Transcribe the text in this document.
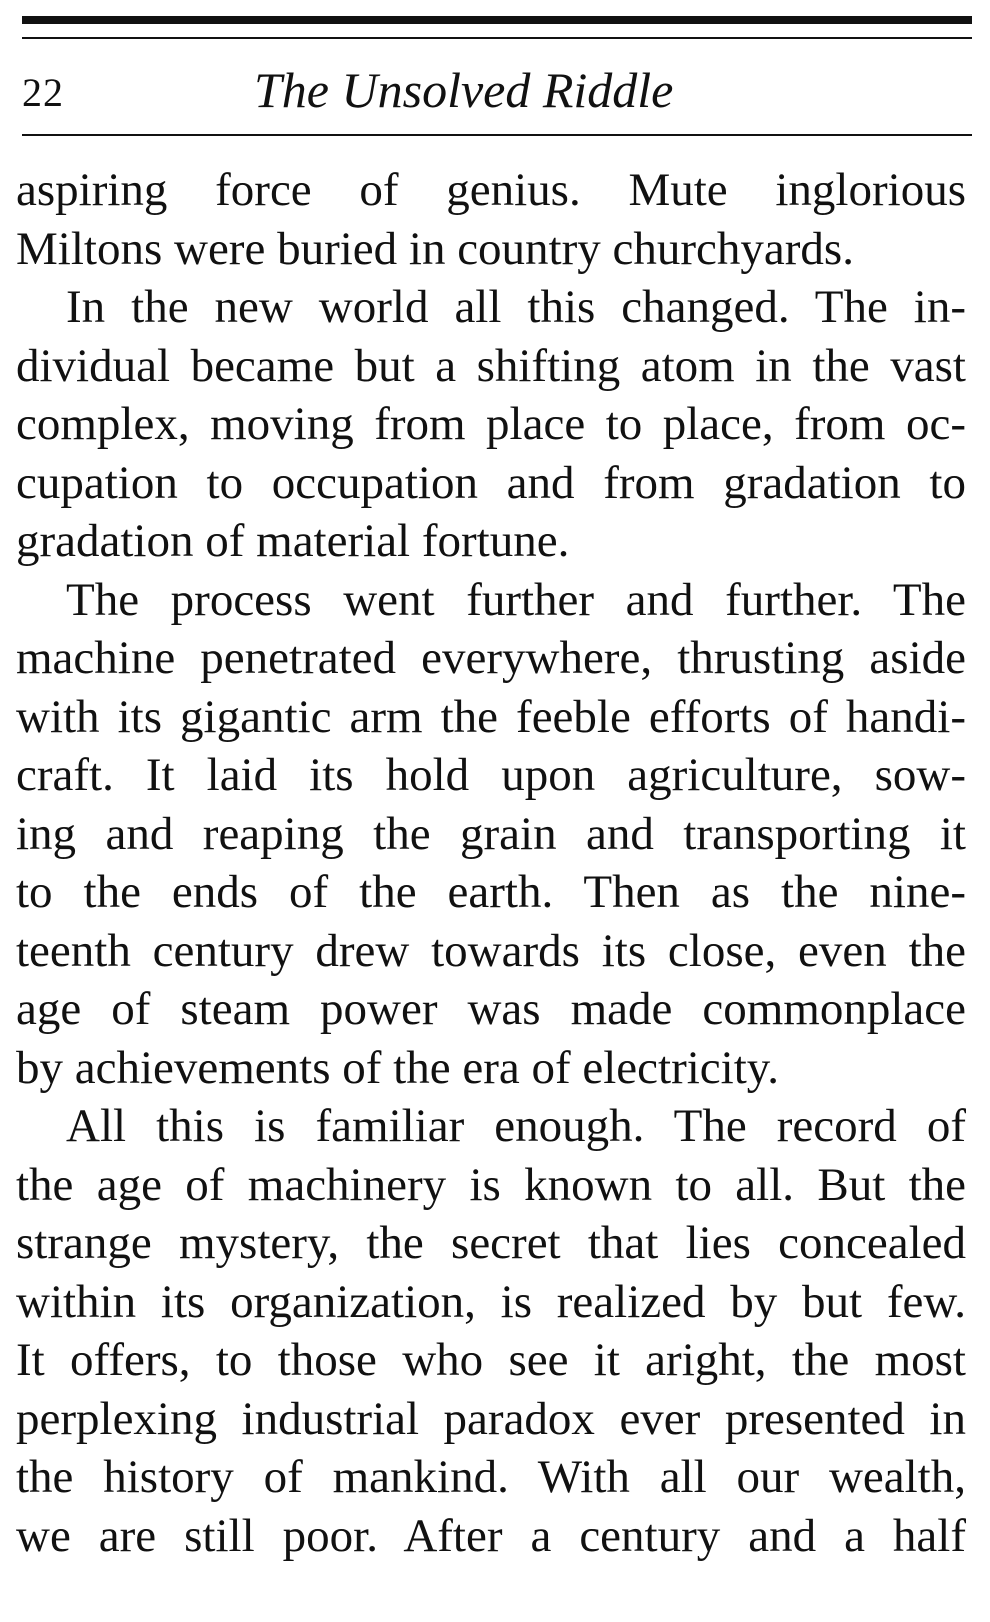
22	The Unsolved Riddle
aspiring force of genius. Mute inglorious
Miltons were buried in country churchyards.
In the new world all this changed. The in-
dividual became but a shifting atom in the vast
complex, moving from place to place, from oc-
cupation to occupation and from gradation to
gradation of material fortune.
The process went further and further. The
machine penetrated everywhere, thrusting aside
with its gigantic arm the feeble efforts of handi-
craft. It laid its hold upon agriculture, sow-
ing and reaping the grain and transporting it
to the ends of the earth. Then as the nine-
teenth century drew towards its close, even the
age of steam power was made commonplace
by achievements of the era of electricity.
All this is familiar enough. The record of
the age of machinery is known to all. But the
strange mystery, the secret that lies concealed
within its organization, is realized by but few.
It offers, to those who see it aright, the most
perplexing industrial paradox ever presented in
the history of mankind. With all our wealth,
we are still poor. After a century and a half
